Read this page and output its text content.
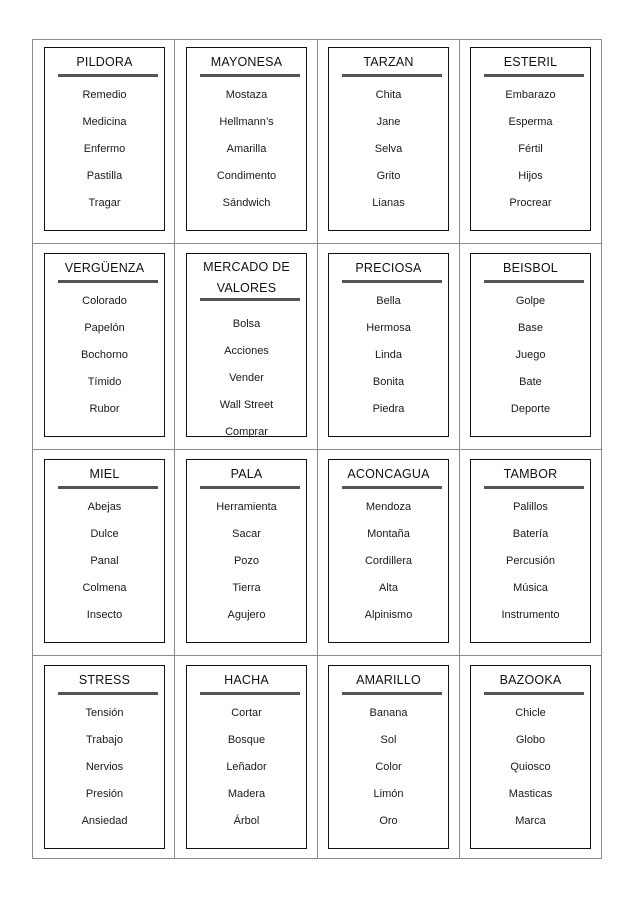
PILDORA
Remedio
Medicina
Enfermo
Pastilla
Tragar
MAYONESA
Mostaza
Hellmann’s
Amarilla
Condimento
Sándwich
TARZAN
Chita
Jane
Selva
Grito
Lianas
ESTERIL
Embarazo
Esperma
Fértil
Hijos
Procrear
VERGÜENZA
Colorado
Papelón
Bochorno
Tímido
Rubor
MERCADO DE
VALORES
Bolsa
Acciones
Vender
Wall Street
Comprar
PRECIOSA
Bella
Hermosa
Linda
Bonita
Piedra
BEISBOL
Golpe
Base
Juego
Bate
Deporte
MIEL
Abejas
Dulce
Panal
Colmena
Insecto
PALA
Herramienta
Sacar
Pozo
Tierra
Agujero
ACONCAGUA
Mendoza
Montaña
Cordillera
Alta
Alpinismo
TAMBOR
Palillos
Batería
Percusión
Música
Instrumento
STRESS
Tensión
Trabajo
Nervios
Presión
Ansiedad
HACHA
Cortar
Bosque
Leñador
Madera
Árbol
AMARILLO
Banana
Sol
Color
Limón
Oro
BAZOOKA
Chicle
Globo
Quiosco
Masticas
Marca
